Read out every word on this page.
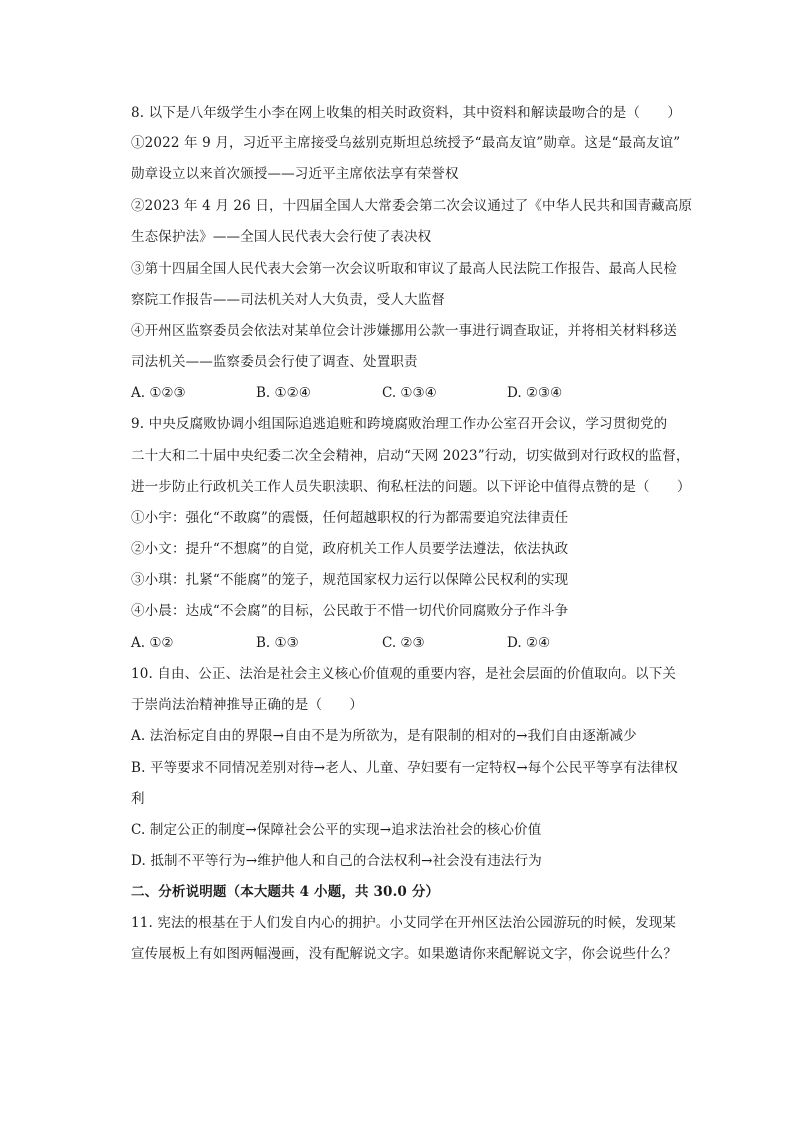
8. 以下是八年级学生小李在网上收集的相关时政资料，其中资料和解读最吻合的是（　　）
①2022 年 9 月，习近平主席接受乌兹别克斯坦总统授予“最高友谊”勋章。这是“最高友谊”
勋章设立以来首次颁授——习近平主席依法享有荣誉权
②2023 年 4 月 26 日，十四届全国人大常委会第二次会议通过了《中华人民共和国青藏高原
生态保护法》——全国人民代表大会行使了表决权
③第十四届全国人民代表大会第一次会议听取和审议了最高人民法院工作报告、最高人民检
察院工作报告——司法机关对人大负责，受人大监督
④开州区监察委员会依法对某单位会计涉嫌挪用公款一事进行调查取证，并将相关材料移送
司法机关——监察委员会行使了调查、处置职责
A. ①②③	B. ①②④	C. ①③④	D. ②③④
9. 中央反腐败协调小组国际追逃追赃和跨境腐败治理工作办公室召开会议，学习贯彻党的
二十大和二十届中央纪委二次全会精神，启动“天网 2023”行动，切实做到对行政权的监督，
进一步防止行政机关工作人员失职渎职、徇私枉法的问题。以下评论中值得点赞的是（　　）
①小宇：强化“不敢腐”的震慑，任何超越职权的行为都需要追究法律责任
②小文：提升“不想腐”的自觉，政府机关工作人员要学法遵法，依法执政
③小琪：扎紧“不能腐”的笼子，规范国家权力运行以保障公民权利的实现
④小晨：达成“不会腐”的目标，公民敢于不惜一切代价同腐败分子作斗争
A. ①②	B. ①③	C. ②③	D. ②④
10. 自由、公正、法治是社会主义核心价值观的重要内容，是社会层面的价值取向。以下关
于崇尚法治精神推导正确的是（　　）
A. 法治标定自由的界限→自由不是为所欲为，是有限制的相对的→我们自由逐渐减少
B. 平等要求不同情况差别对待→老人、儿童、孕妇要有一定特权→每个公民平等享有法律权
利
C. 制定公正的制度→保障社会公平的实现→追求法治社会的核心价值
D. 抵制不平等行为→维护他人和自己的合法权利→社会没有违法行为
二、分析说明题（本大题共 4 小题，共 30.0 分）
11. 宪法的根基在于人们发自内心的拥护。小艾同学在开州区法治公园游玩的时候，发现某
宣传展板上有如图两幅漫画，没有配解说文字。如果邀请你来配解说文字，你会说些什么？
